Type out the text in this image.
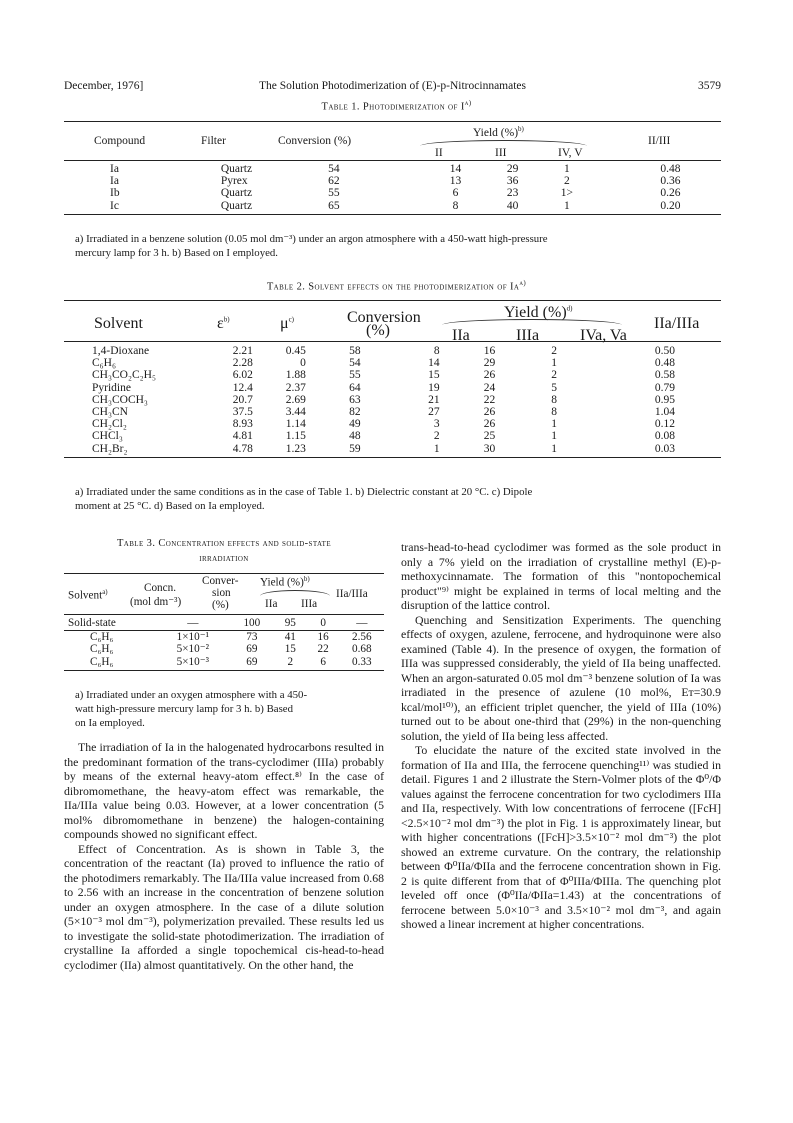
December, 1976]	The Solution Photodimerization of (E)-p-Nitrocinnamates	3579
Table 1. Photodimerization of $I^{a)}$
Compound	Filter	Conversion (%)
Yield (%)$^{b)}$
II	III	IV, V
II/III
Ia	Quartz	54	14	29	1	0.48
Ia	Pyrex	62	13	36	2	0.36
Ib	Quartz	55	6	23	1>	0.26
Ic	Quartz	65	8	40	1	0.20
a) Irradiated in a benzene solution (0.05 mol dm⁻³) under an argon atmosphere with a 450-watt high-pressure
mercury lamp for 3 h. b) Based on I employed.
Table 2. Solvent effects on the photodimerization of Ia$^{a)}$
Solvent	$\varepsilon^{b)}$	$\mu^{c)}$	Conversion
(%)
Yield (%)$^{d)}$
IIa	IIIa	IVa, Va
IIa/IIIa
1,4-Dioxane	2.21	0.45	58	8	16	2	0.50
C₆H₆	2.28	0	54	14	29	1	0.48
CH₃CO₂C₂H₅	6.02	1.88	55	15	26	2	0.58
Pyridine	12.4	2.37	64	19	24	5	0.79
CH₃COCH₃	20.7	2.69	63	21	22	8	0.95
CH₃CN	37.5	3.44	82	27	26	8	1.04
CH₂Cl₂	8.93	1.14	49	3	26	1	0.12
CHCl₃	4.81	1.15	48	2	25	1	0.08
CH₂Br₂	4.78	1.23	59	1	30	1	0.03
a) Irradiated under the same conditions as in the case of Table 1. b) Dielectric constant at 20 °C. c) Dipole
moment at 25 °C. d) Based on Ia employed.
Table 3. Concentration effects and solid-state
irradiation
Solvent$^{a)}$	Concn.
(mol dm⁻³)
Conver-
sion
(%)
Yield (%)$^{b)}$
IIa IIIa
IIa/IIIa
Solid-state	—	100	95	0	—
C₆H₆	1×10⁻¹	73	41	16	2.56
C₆H₆	5×10⁻²	69	15	22	0.68
C₆H₆	5×10⁻³	69	2	6	0.33
a) Irradiated under an oxygen atmosphere with a 450-
watt high-pressure mercury lamp for 3 h. b) Based
on Ia employed.

The irradiation of Ia in the halogenated hydrocarbons resulted in the predominant formation of the trans-cyclodimer (IIIa) probably by means of the external heavy-atom effect.⁸⁾ In the case of dibromomethane, the heavy-atom effect was remarkable, the IIa/IIIa value being 0.03. However, at a lower concentration (5 mol% dibromomethane in benzene) the halogen-containing compounds showed no significant effect.

Effect of Concentration. As is shown in Table 3, the concentration of the reactant (Ia) proved to influence the ratio of the photodimers remarkably. The IIa/IIIa value increased from 0.68 to 2.56 with an increase in the concentration of benzene solution under an oxygen atmosphere. In the case of a dilute solution (5×10⁻³ mol dm⁻³), polymerization prevailed. These results led us to investigate the solid-state photodimerization. The irradiation of crystalline Ia afforded a single topochemical cis-head-to-head cyclodimer (IIa) almost quantitatively. On the other hand, the

trans-head-to-head cyclodimer was formed as the sole product in only a 7% yield on the irradiation of crystalline methyl (E)-p-methoxycinnamate. The formation of this "nontopochemical product"⁹⁾ might be explained in terms of local melting and the disruption of the lattice control.

Quenching and Sensitization Experiments. The quenching effects of oxygen, azulene, ferrocene, and hydroquinone were also examined (Table 4). In the presence of oxygen, the formation of IIIa was suppressed considerably, the yield of IIa being unaffected. When an argon-saturated 0.05 mol dm⁻³ benzene solution of Ia was irradiated in the presence of azulene (10 mol%, Eᴛ=30.9 kcal/mol¹⁰⁾), an efficient triplet quencher, the yield of IIIa (10%) turned out to be about one-third that (29%) in the non-quenching solution, the yield of IIa being less affected.

To elucidate the nature of the excited state involved in the formation of IIa and IIIa, the ferrocene quenching¹¹⁾ was studied in detail. Figures 1 and 2 illustrate the Stern-Volmer plots of the Φ⁰/Φ values against the ferrocene concentration for two cyclodimers IIIa and IIa, respectively. With low concentrations of ferrocene ([FcH]<2.5×10⁻² mol dm⁻³) the plot in Fig. 1 is approximately linear, but with higher concentrations ([FcH]>3.5×10⁻² mol dm⁻³) the plot showed an extreme curvature. On the contrary, the relationship between Φ⁰IIa/ΦIIa and the ferrocene concentration shown in Fig. 2 is quite different from that of Φ⁰IIIa/ΦIIIa. The quenching plot leveled off once (Φ⁰IIa/ΦIIa=1.43) at the concentrations of ferrocene between 5.0×10⁻³ and 3.5×10⁻² mol dm⁻³, and again showed a linear increment at higher concentrations.
